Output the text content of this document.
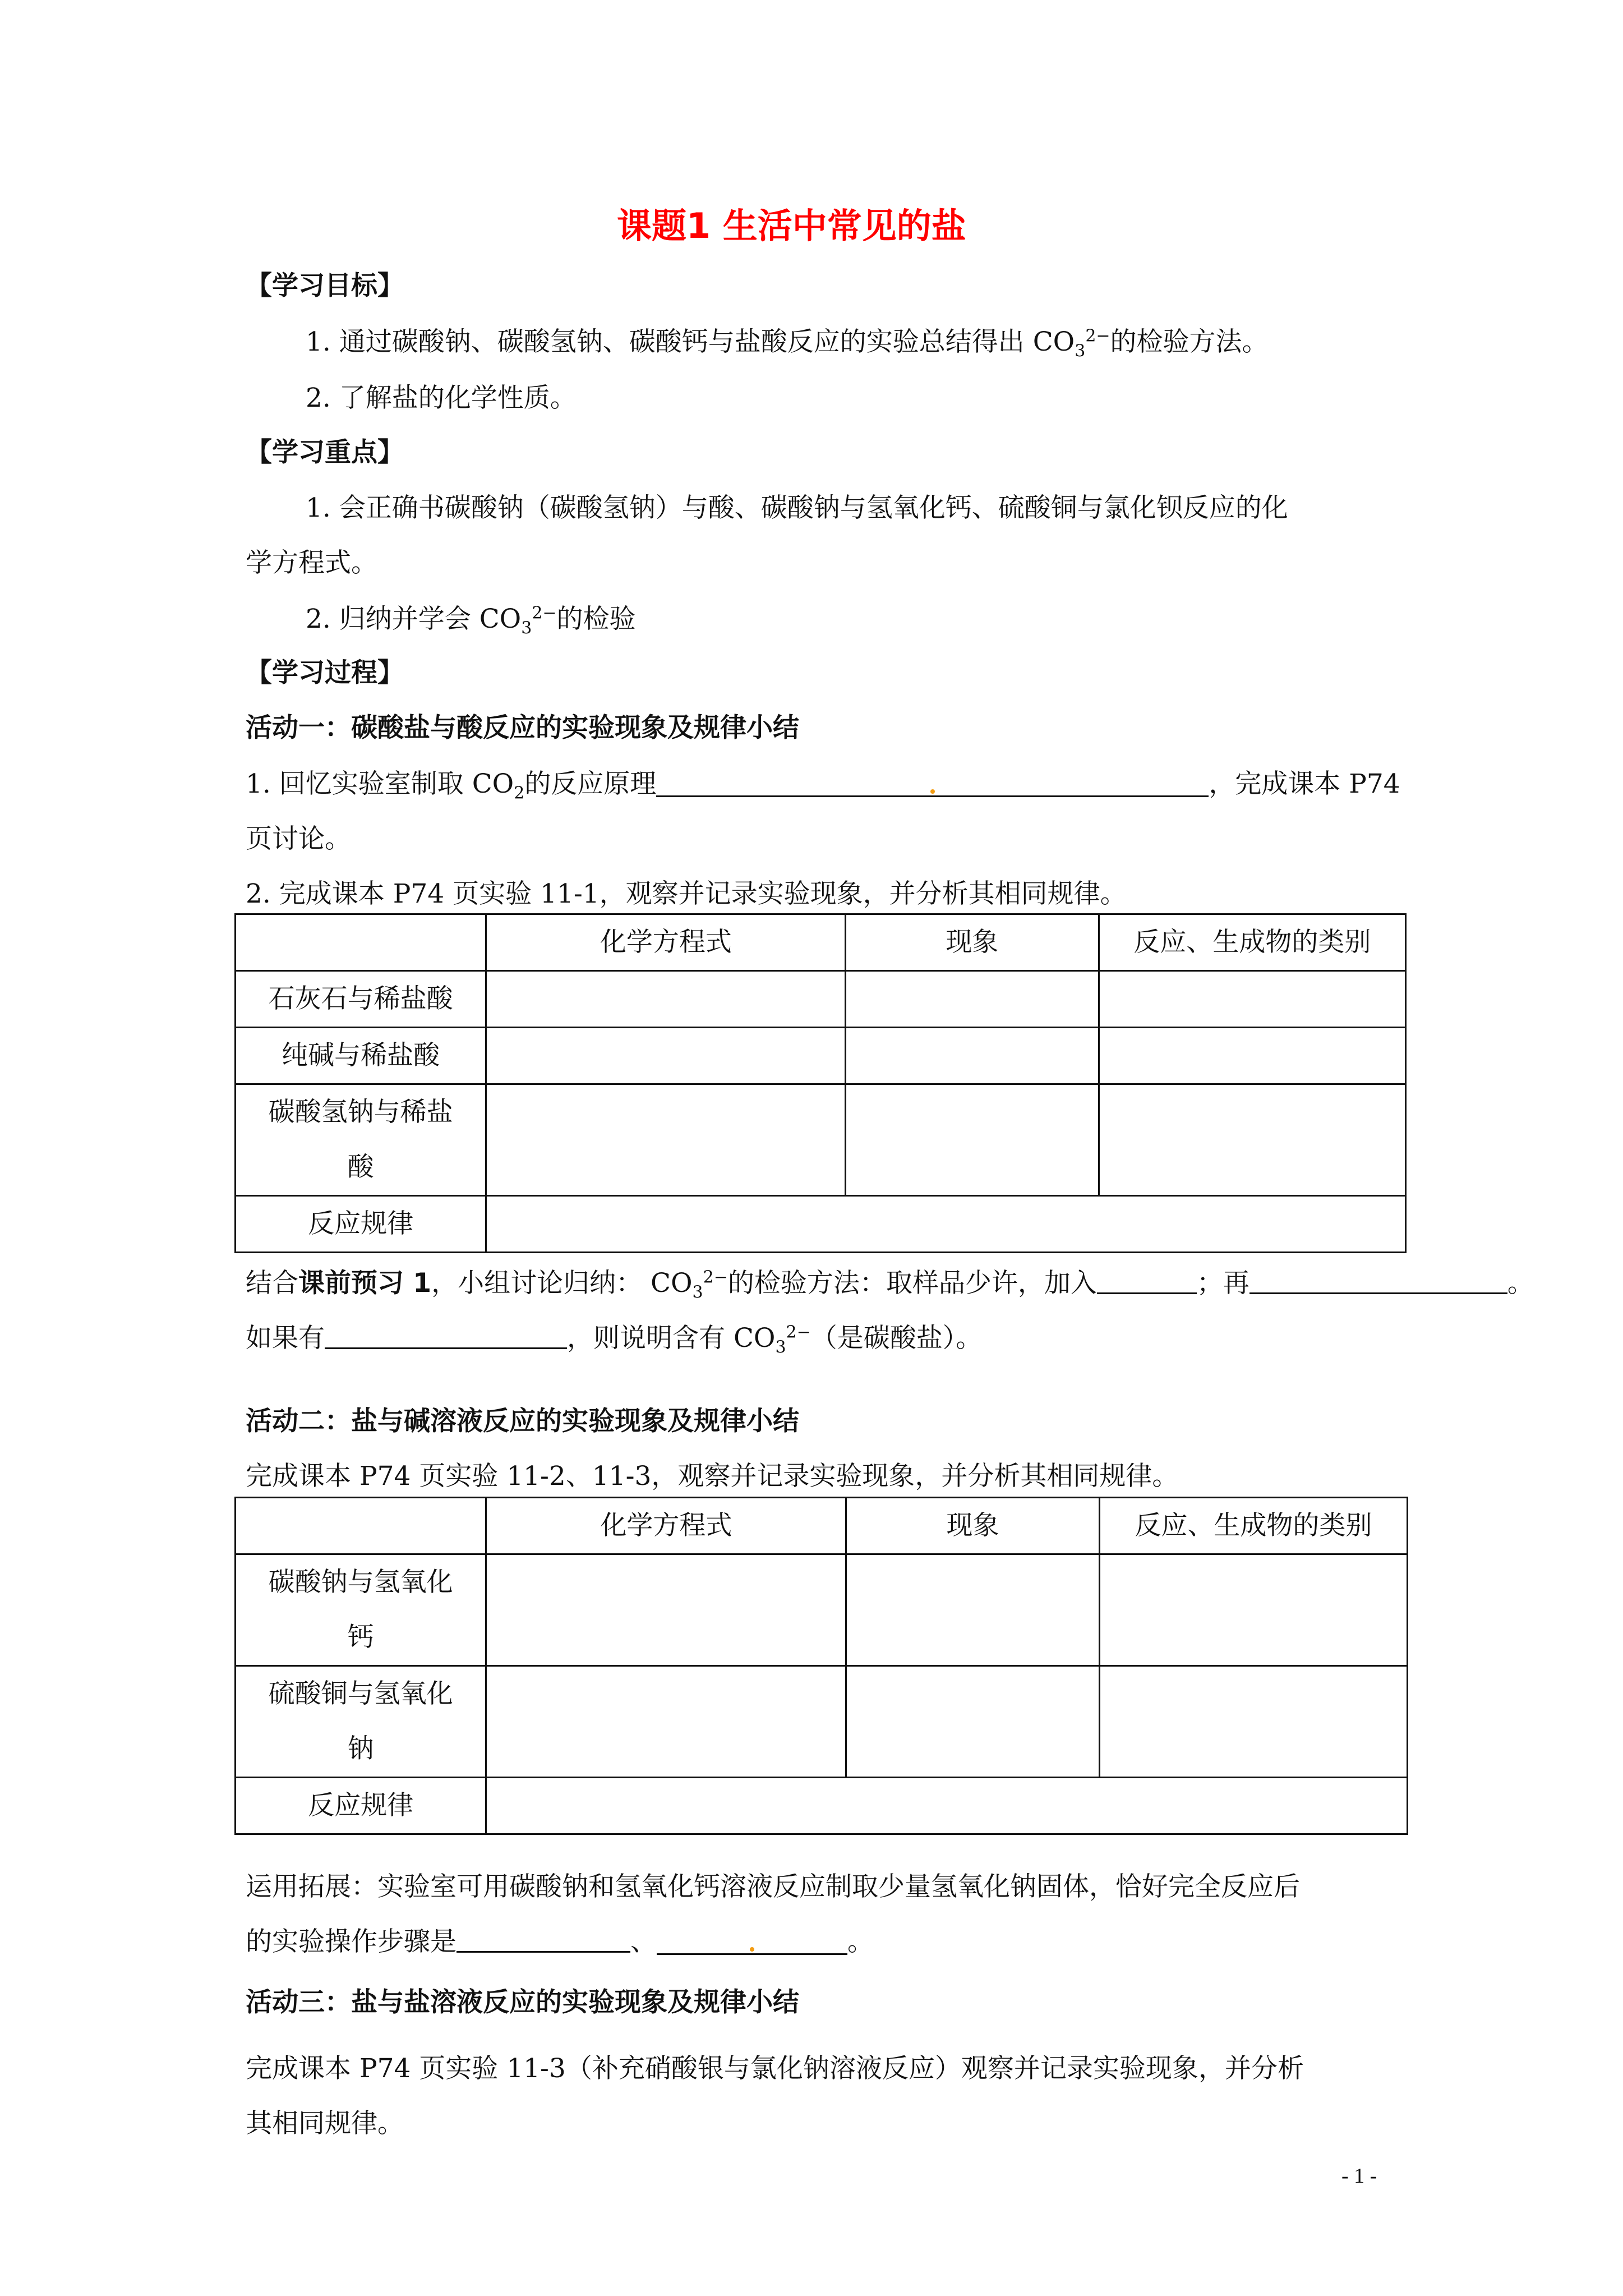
课题1 生活中常见的盐
【学习目标】
1. 通过碳酸钠、碳酸氢钠、碳酸钙与盐酸反应的实验总结得出 $CO_3^{2-}$的检验方法。
2. 了解盐的化学性质。
【学习重点】
1. 会正确书碳酸钠（碳酸氢钠）与酸、碳酸钠与氢氧化钙、硫酸铜与氯化钡反应的化
学方程式。
2. 归纳并学会 $CO_3^{2-}$的检验
【学习过程】
活动一：碳酸盐与酸反应的实验现象及规律小结
1. 回忆实验室制取 $CO_2$的反应原理	，完成课本 P74
页讨论。
2. 完成课本 P74 页实验 11-1，观察并记录实验现象，并分析其相同规律。
	化学方程式	现象	反应、生成物的类别
石灰石与稀盐酸			
纯碱与稀盐酸			

碳酸氢钠与稀盐
酸			

反应规律			
结合课前预习 1，小组讨论归纳： $CO_3^{2-}$的检验方法：取样品少许，加入	；再	。
如果有	，则说明含有 $CO_3^{2-}$（是碳酸盐）。
活动二：盐与碱溶液反应的实验现象及规律小结
完成课本 P74 页实验 11-2、11-3，观察并记录实验现象，并分析其相同规律。
	化学方程式	现象	反应、生成物的类别

碳酸钠与氢氧化
钙			

硫酸铜与氢氧化
钠			

反应规律			
运用拓展：实验室可用碳酸钠和氢氧化钙溶液反应制取少量氢氧化钠固体，恰好完全反应后
的实验操作步骤是	、	。
活动三：盐与盐溶液反应的实验现象及规律小结
完成课本 P74 页实验 11-3（补充硝酸银与氯化钠溶液反应）观察并记录实验现象，并分析
其相同规律。
- 1 -
